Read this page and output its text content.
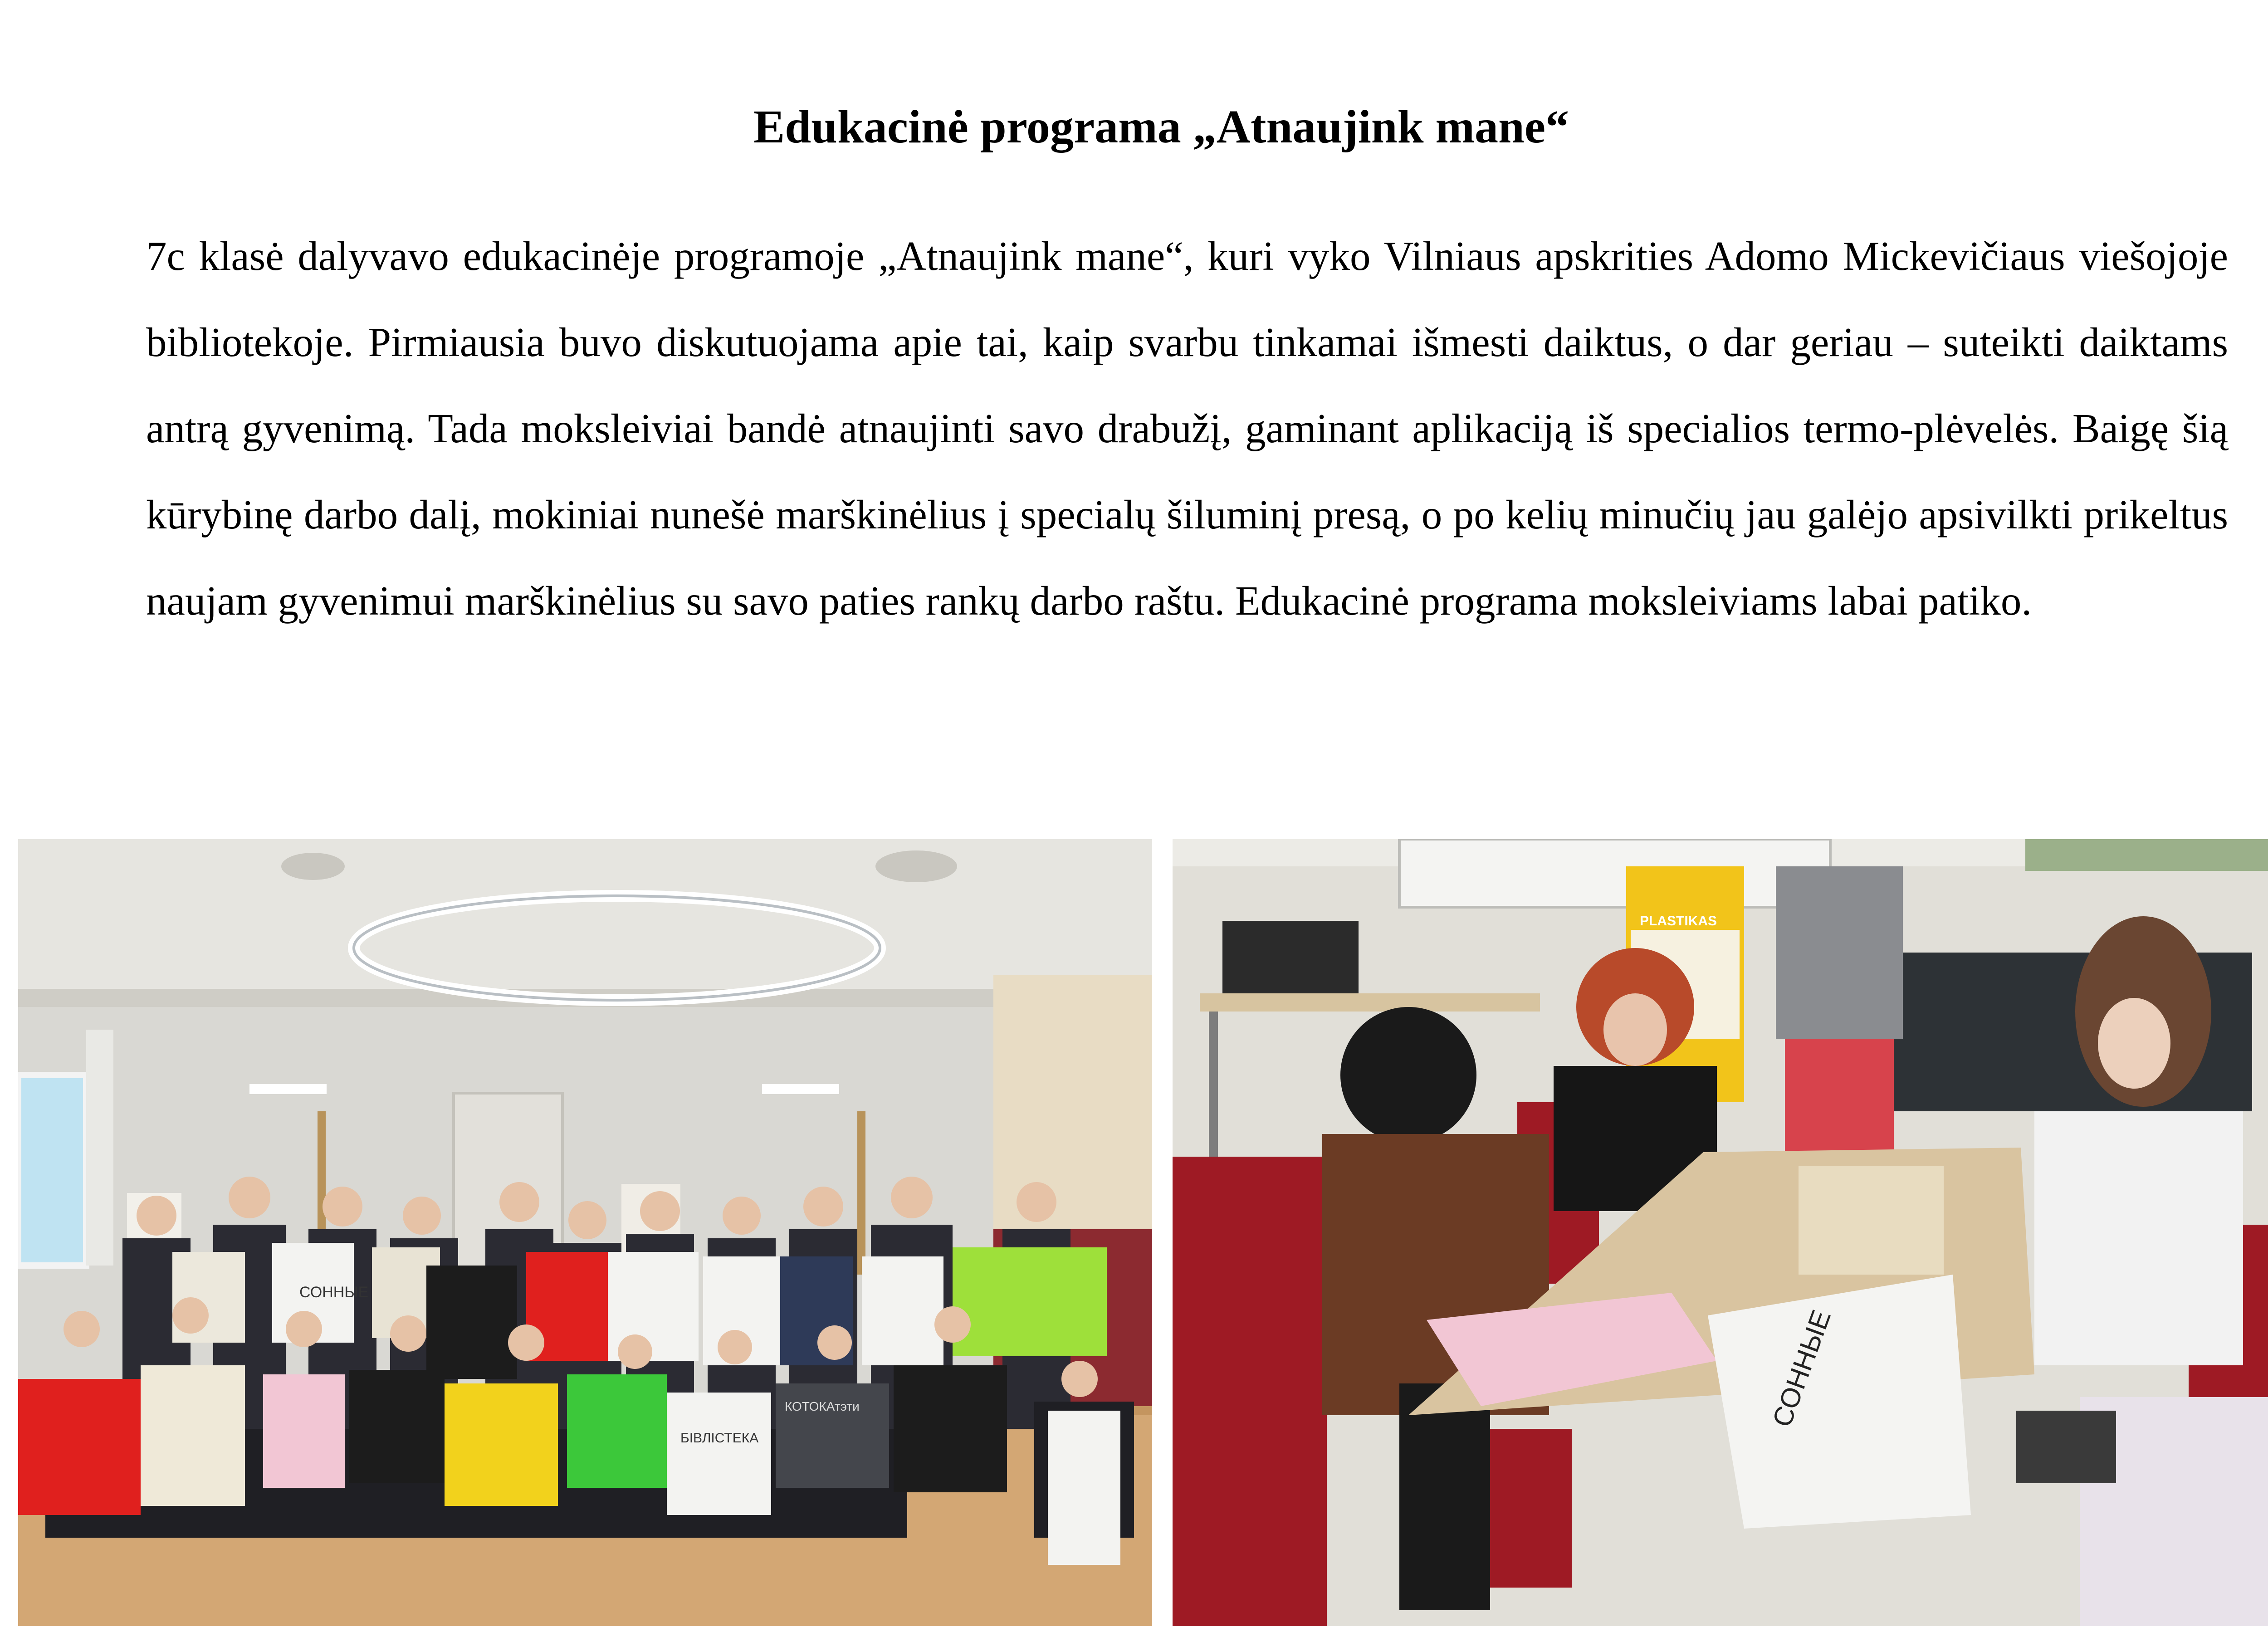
Edukacinė programa „Atnaujink mane“

7c klasė dalyvavo edukacinėje programoje „Atnaujink mane“, kuri vyko Vilniaus apskrities Adomo Mickevičiaus viešojoje bibliotekoje. Pirmiausia buvo diskutuojama apie tai, kaip svarbu tinkamai išmesti daiktus, o dar geriau – suteikti daiktams antrą gyvenimą. Tada moksleiviai bandė atnaujinti savo drabužį, gaminant aplikaciją iš specialios termo-plėvelės. Baigę šią kūrybinę darbo dalį, mokiniai nunešė marškinėlius į specialų šiluminį presą, o po kelių minučių jau galėjo apsivilkti prikeltus naujam gyvenimui marškinėlius su savo paties rankų darbo raštu. Edukacinė programa moksleiviams labai patiko.

СОННЫЕ
БІВЛІСТЕКА
КОТОКАтэти
PLASTIKAS
СОННЫЕ
